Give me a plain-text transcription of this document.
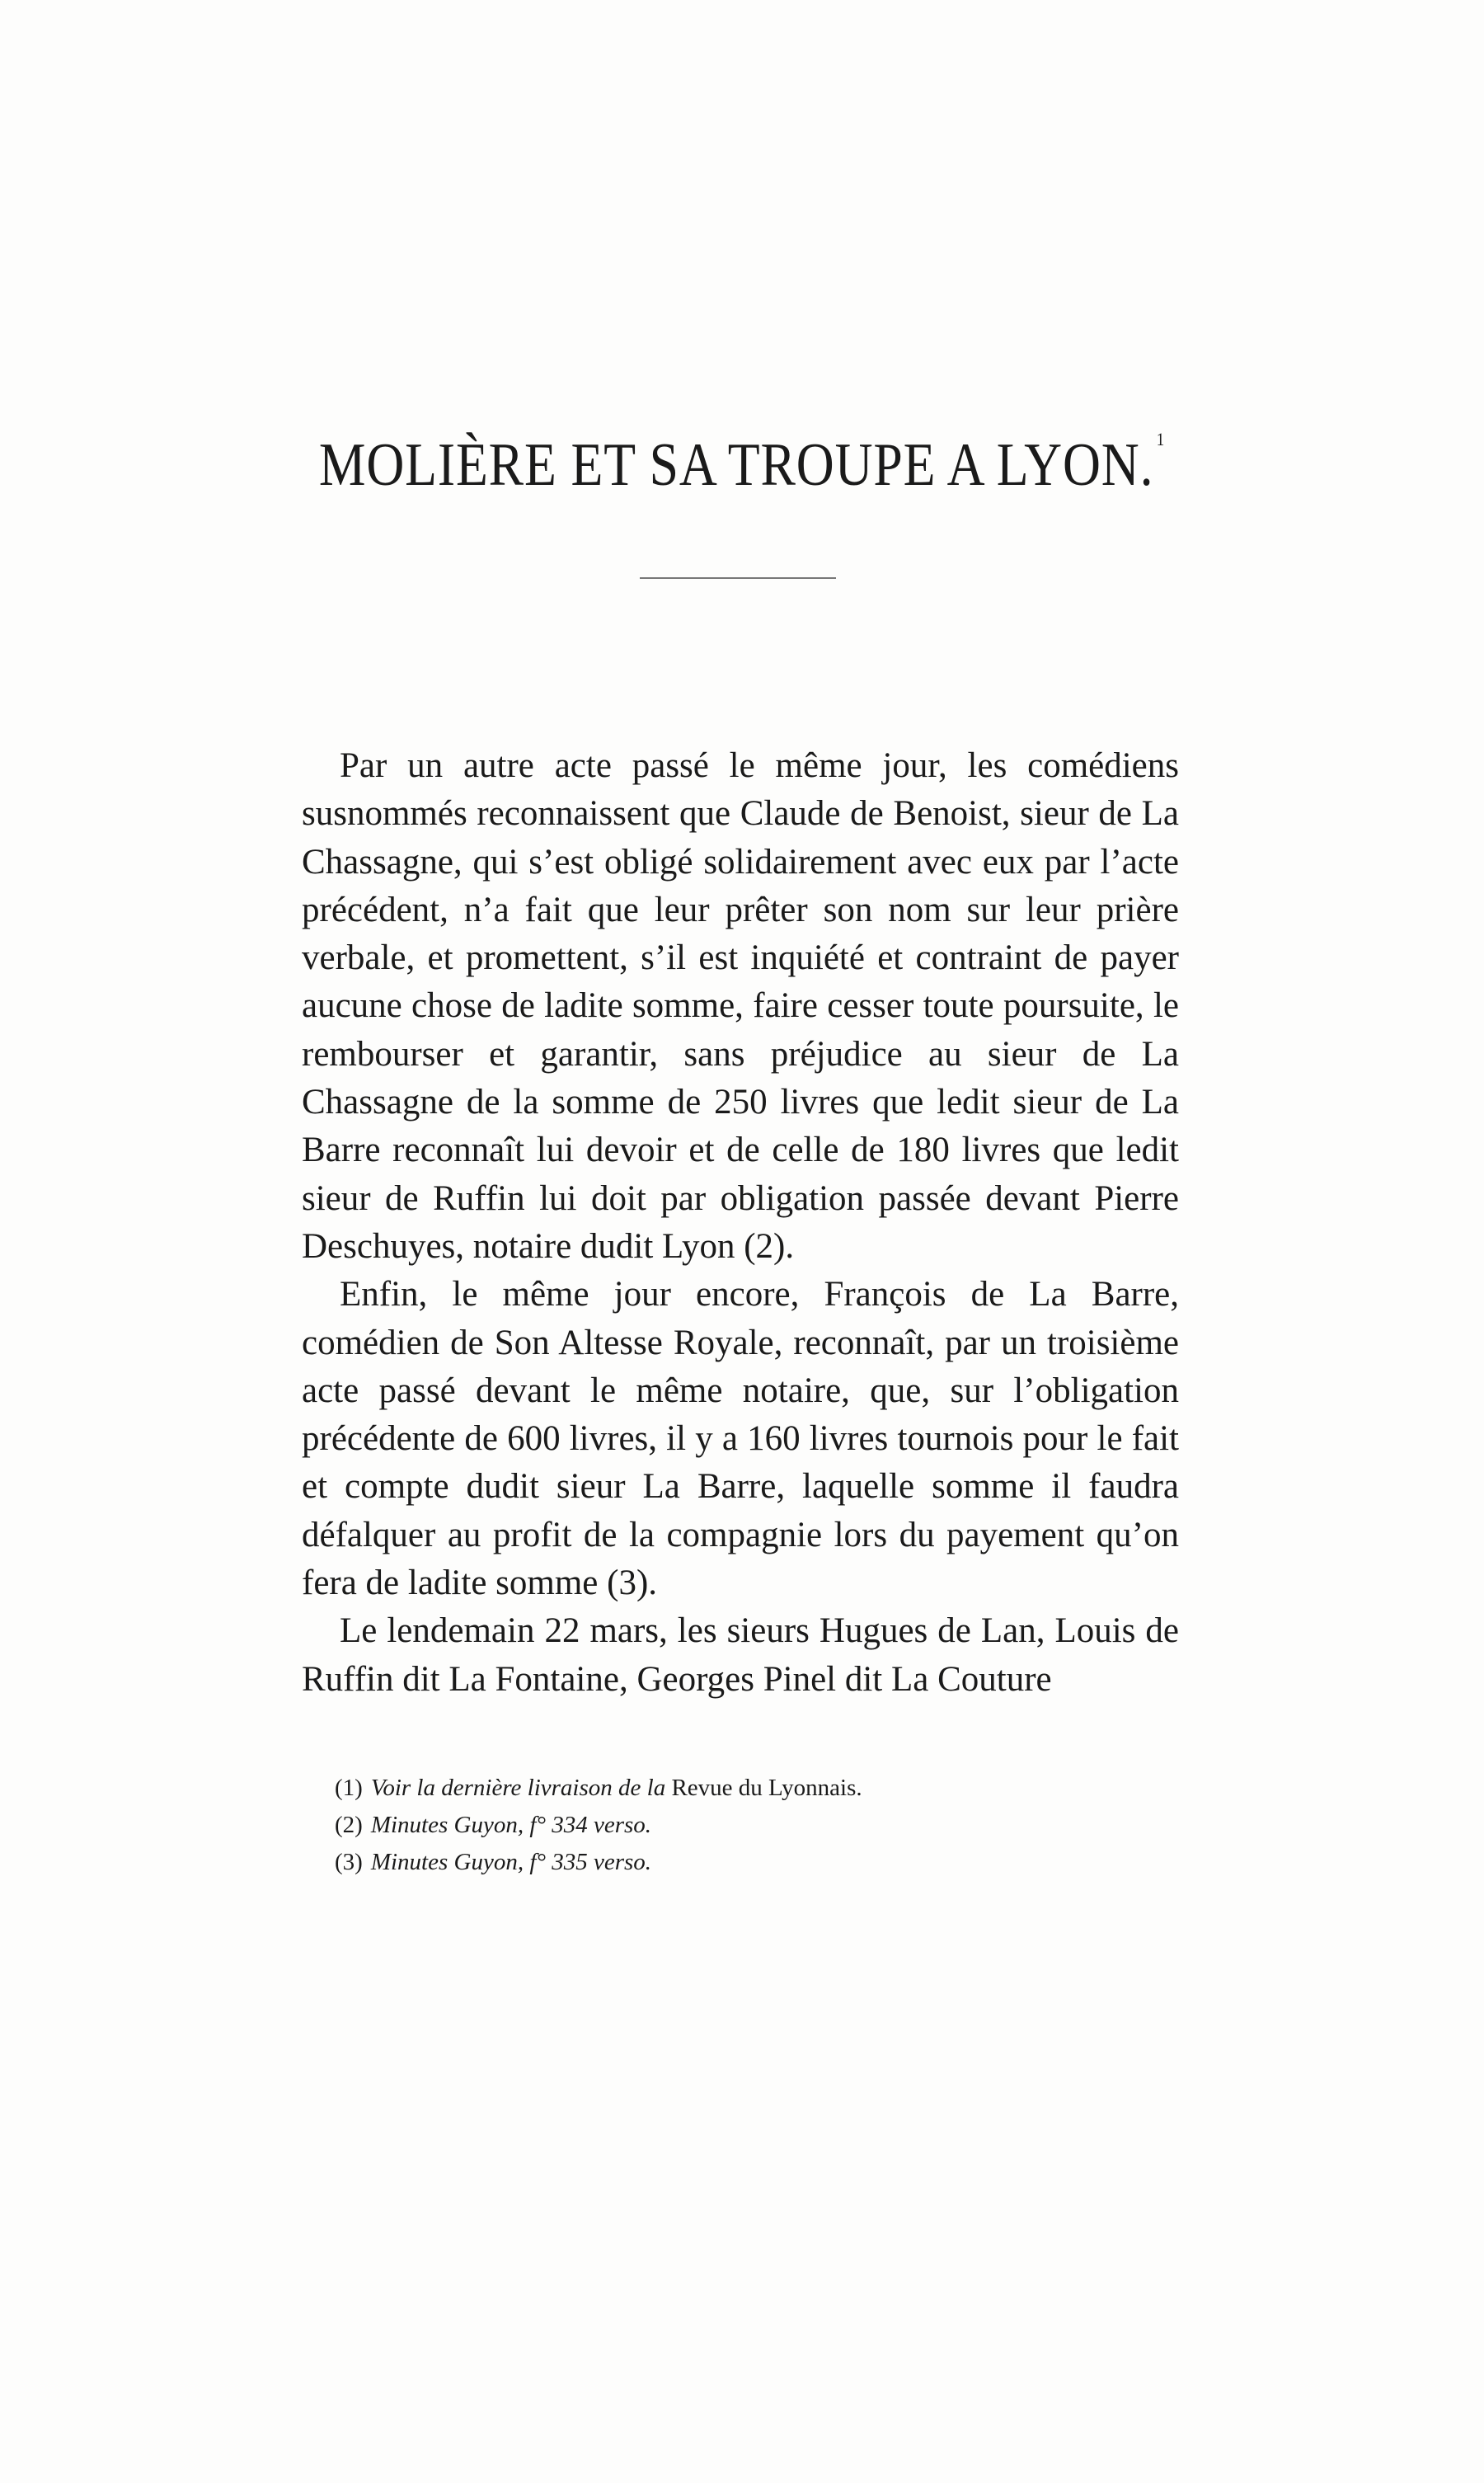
MOLIÈRE ET SA TROUPE A LYON. $^1$

Par un autre acte passé le même jour, les comédiens susnommés reconnaissent que Claude de Benoist, sieur de La Chassagne, qui s’est obligé solidairement avec eux par l’acte précédent, n’a fait que leur prêter son nom sur leur prière verbale, et promettent, s’il est inquiété et contraint de payer aucune chose de ladite somme, faire cesser toute poursuite, le rembourser et garantir, sans préjudice au sieur de La Chassagne de la somme de 250 livres que ledit sieur de La Barre reconnaît lui devoir et de celle de 180 livres que ledit sieur de Ruffin lui doit par obligation passée devant Pierre Deschuyes, notaire dudit Lyon (2).

Enfin, le même jour encore, François de La Barre, comédien de Son Altesse Royale, reconnaît, par un troisième acte passé devant le même notaire, que, sur l’obligation précédente de 600 livres, il y a 160 livres tournois pour le fait et compte dudit sieur La Barre, laquelle somme il faudra défalquer au profit de la compagnie lors du payement qu’on fera de ladite somme (3).

Le lendemain 22 mars, les sieurs Hugues de Lan, Louis de Ruffin dit La Fontaine, Georges Pinel dit La Couture

(1) Voir la dernière livraison de la Revue du Lyonnais.
(2) Minutes Guyon, f° 334 verso.
(3) Minutes Guyon, f° 335 verso.
